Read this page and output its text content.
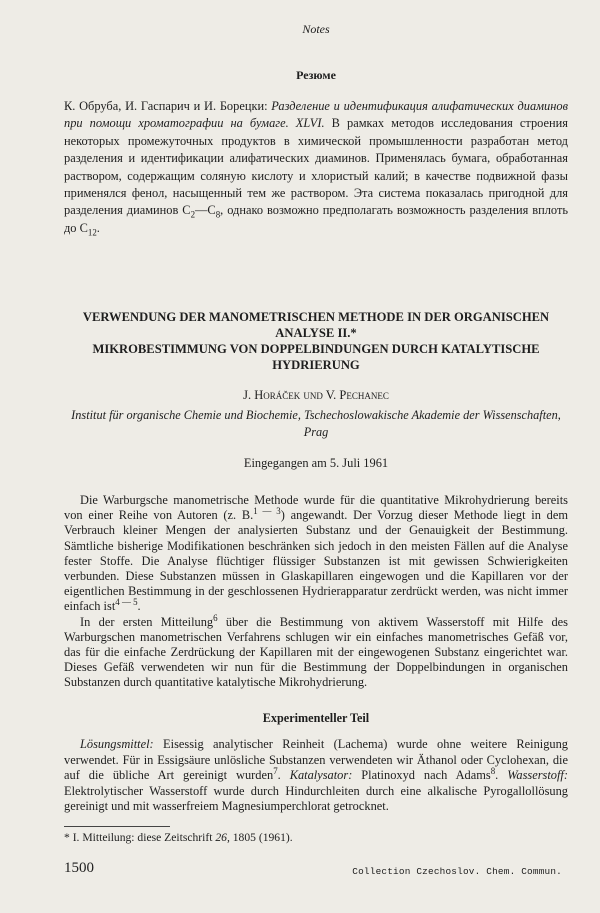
Notes
Резюме
К. Обруба, И. Гаспарич и И. Борецки: Разделение и идентификация алифатических диаминов при помощи хроматографии на бумаге. XLVI. В рамках методов исследования строения некоторых промежуточных продуктов в химической промышленности разработан метод разделения и идентификации алифатических диаминов. Применялась бумага, обработанная раствором, содержащим соляную кислоту и хлористый калий; в качестве подвижной фазы применялся фенол, насыщенный тем же раствором. Эта система показалась пригодной для разделения диаминов $C_2—C_8$, однако возможно предполагать возможность разделения вплоть до $C_{12}$.
VERWENDUNG DER MANOMETRISCHEN METHODE IN DER ORGANISCHEN ANALYSE II.*
MIKROBESTIMMUNG VON DOPPELBINDUNGEN DURCH KATALYTISCHE HYDRIERUNG
J. Horáček und V. Pechanec
Institut für organische Chemie und Biochemie, Tschechoslowakische Akademie der Wissenschaften, Prag
Eingegangen am 5. Juli 1961

Die Warburgsche manometrische Methode wurde für die quantitative Mikrohydrierung bereits von einer Reihe von Autoren (z. B.$^{1 — 3}$) angewandt. Der Vorzug dieser Methode liegt in dem Verbrauch kleiner Mengen der analysierten Substanz und der Genauigkeit der Bestimmung. Sämtliche bisherige Modifikationen beschränken sich jedoch in den meisten Fällen auf die Analyse fester Stoffe. Die Analyse flüchtiger flüssiger Substanzen ist mit gewissen Schwierigkeiten verbunden. Diese Substanzen müssen in Glaskapillaren eingewogen und die Kapillaren vor der eigentlichen Bestimmung in der geschlossenen Hydrierapparatur zerdrückt werden, was nicht immer einfach ist$^{4 — 5}$.

In der ersten Mitteilung$^6$ über die Bestimmung von aktivem Wasserstoff mit Hilfe des Warburgschen manometrischen Verfahrens schlugen wir ein einfaches manometrisches Gefäß vor, das für die einfache Zerdrückung der Kapillaren mit der eingewogenen Substanz eingerichtet war. Dieses Gefäß verwendeten wir nun für die Bestimmung der Doppelbindungen in organischen Substanzen durch quantitative katalytische Mikrohydrierung.

Experimenteller Teil

Lösungsmittel: Eisessig analytischer Reinheit (Lachema) wurde ohne weitere Reinigung verwendet. Für in Essigsäure unlösliche Substanzen verwendeten wir Äthanol oder Cyclohexan, die auf die übliche Art gereinigt wurden$^7$. Katalysator: Platinoxyd nach Adams$^8$. Wasserstoff: Elektrolytischer Wasserstoff wurde durch Hindurchleiten durch eine alkalische Pyrogallollösung gereinigt und mit wasserfreiem Magnesiumperchlorat getrocknet.

* I. Mitteilung: diese Zeitschrift 26, 1805 (1961).
1500	Collection Czechoslov. Chem. Commun.
